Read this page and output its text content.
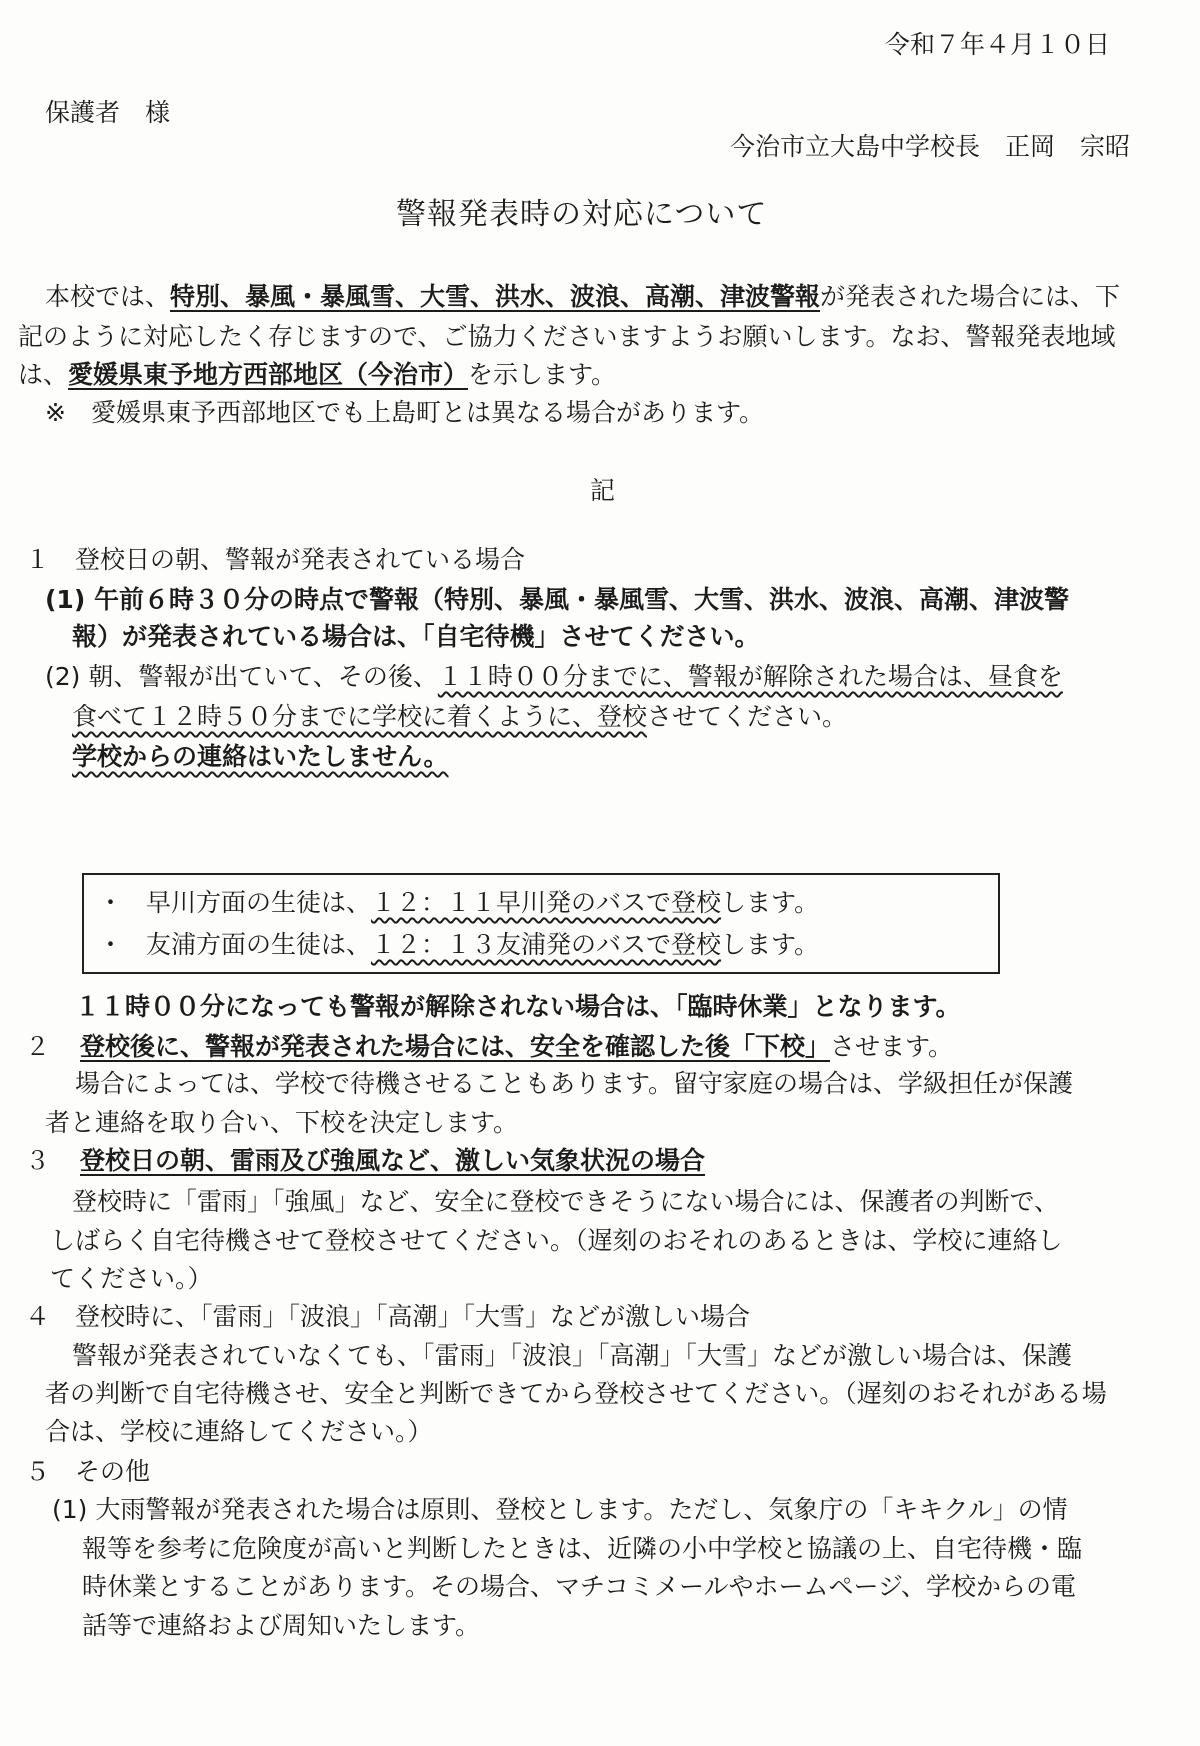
令和７年４月１０日
保護者　様
今治市立大島中学校長　正岡　宗昭
警報発表時の対応について
本校では、特別、暴風・暴風雪、大雪、洪水、波浪、高潮、津波警報が発表された場合には、下
記のように対応したく存じますので、ご協力くださいますようお願いします。なお、警報発表地域
は、愛媛県東予地方西部地区（今治市）を示します。
※　愛媛県東予西部地区でも上島町とは異なる場合があります。
記
１　登校日の朝、警報が発表されている場合
(1) 午前６時３０分の時点で警報（特別、暴風・暴風雪、大雪、洪水、波浪、高潮、津波警
報）が発表されている場合は、「自宅待機」させてください。
(2) 朝、警報が出ていて、その後、１１時００分までに、警報が解除された場合は、昼食を
食べて１２時５０分までに学校に着くように、登校させてください。
学校からの連絡はいたしません。
・ 早川方面の生徒は、１２：１１早川発のバスで登校します。
・ 友浦方面の生徒は、１２：１３友浦発のバスで登校します。
１１時００分になっても警報が解除されない場合は、「臨時休業」となります。
２ 登校後に、警報が発表された場合には、安全を確認した後「下校」させます。
場合によっては、学校で待機させることもあります。留守家庭の場合は、学級担任が保護
者と連絡を取り合い、下校を決定します。
３ 登校日の朝、雷雨及び強風など、激しい気象状況の場合
登校時に「雷雨」「強風」など、安全に登校できそうにない場合には、保護者の判断で、
しばらく自宅待機させて登校させてください。（遅刻のおそれのあるときは、学校に連絡し
てください。）
４　登校時に、「雷雨」「波浪」「高潮」「大雪」などが激しい場合
警報が発表されていなくても、「雷雨」「波浪」「高潮」「大雪」などが激しい場合は、保護
者の判断で自宅待機させ、安全と判断できてから登校させてください。（遅刻のおそれがある場
合は、学校に連絡してください。）
５　その他
(1) 大雨警報が発表された場合は原則、登校とします。ただし、気象庁の「キキクル」の情
報等を参考に危険度が高いと判断したときは、近隣の小中学校と協議の上、自宅待機・臨
時休業とすることがあります。その場合、マチコミメールやホームページ、学校からの電
話等で連絡および周知いたします。
